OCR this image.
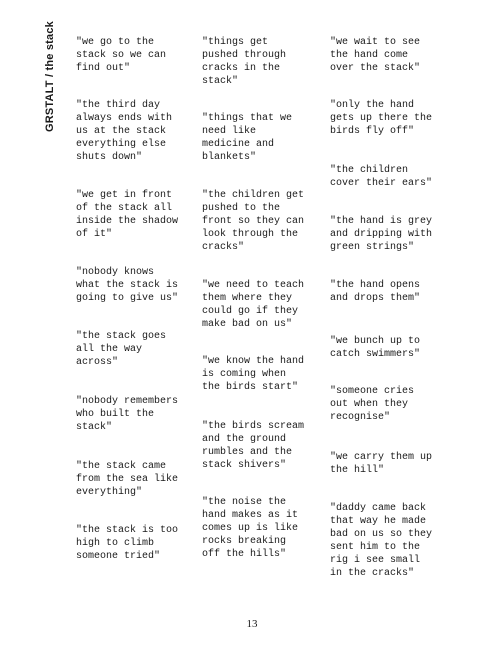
GRSTALT / the stack "we go to the
stack so we can
find out"

"the third day
always ends with
us at the stack
everything else
shuts down"

"we get in front
of the stack all
inside the shadow
of it"

"nobody knows
what the stack is
going to give us"

"the stack goes
all the way
across"

"nobody remembers
who built the
stack"

"the stack came
from the sea like
everything"

"the stack is too
high to climb
someone tried"

"things get
pushed through
cracks in the
stack"

"things that we
need like
medicine and
blankets"

"the children get
pushed to the
front so they can
look through the
cracks"

"we need to teach
them where they
could go if they
make bad on us"

"we know the hand
is coming when
the birds start"

"the birds scream
and the ground
rumbles and the
stack shivers"

"the noise the
hand makes as it
comes up is like
rocks breaking
off the hills"

"we wait to see
the hand come
over the stack"

"only the hand
gets up there the
birds fly off"

"the children
cover their ears"

"the hand is grey
and dripping with
green strings"

"the hand opens
and drops them"

"we bunch up to
catch swimmers"

"someone cries
out when they
recognise"

"we carry them up
the hill"

"daddy came back
that way he made
bad on us so they
sent him to the
rig i see small
in the cracks"

13
